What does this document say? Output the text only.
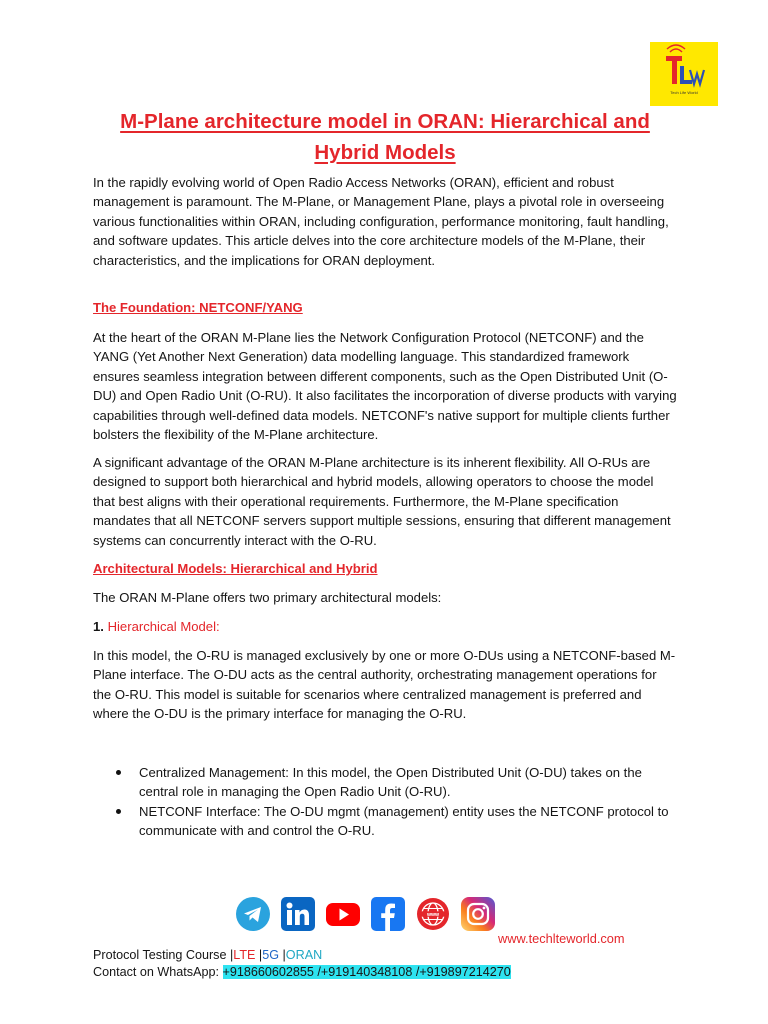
Tech Life World
M-Plane architecture model in ORAN: Hierarchical and Hybrid Models
In the rapidly evolving world of Open Radio Access Networks (ORAN), efficient and robust management is paramount. The M-Plane, or Management Plane, plays a pivotal role in overseeing various functionalities within ORAN, including configuration, performance monitoring, fault handling, and software updates. This article delves into the core architecture models of the M-Plane, their characteristics, and the implications for ORAN deployment.
The Foundation: NETCONF/YANG
At the heart of the ORAN M-Plane lies the Network Configuration Protocol (NETCONF) and the YANG (Yet Another Next Generation) data modelling language. This standardized framework ensures seamless integration between different components, such as the Open Distributed Unit (O-DU) and Open Radio Unit (O-RU). It also facilitates the incorporation of diverse products with varying capabilities through well-defined data models. NETCONF's native support for multiple clients further bolsters the flexibility of the M-Plane architecture.
A significant advantage of the ORAN M-Plane architecture is its inherent flexibility. All O-RUs are designed to support both hierarchical and hybrid models, allowing operators to choose the model that best aligns with their operational requirements. Furthermore, the M-Plane specification mandates that all NETCONF servers support multiple sessions, ensuring that different management systems can concurrently interact with the O-RU.
Architectural Models: Hierarchical and Hybrid
The ORAN M-Plane offers two primary architectural models:
1. Hierarchical Model:
In this model, the O-RU is managed exclusively by one or more O-DUs using a NETCONF-based M-Plane interface. The O-DU acts as the central authority, orchestrating management operations for the O-RU. This model is suitable for scenarios where centralized management is preferred and where the O-DU is the primary interface for managing the O-RU.
Centralized Management: In this model, the Open Distributed Unit (O-DU) takes on the central role in managing the Open Radio Unit (O-RU).
NETCONF Interface: The O-DU mgmt (management) entity uses the NETCONF protocol to communicate with and control the O-RU.
www
www.techlteworld.com
Protocol Testing Course |LTE |5G |ORAN
Contact on WhatsApp: +918660602855 /+919140348108 /+919897214270
